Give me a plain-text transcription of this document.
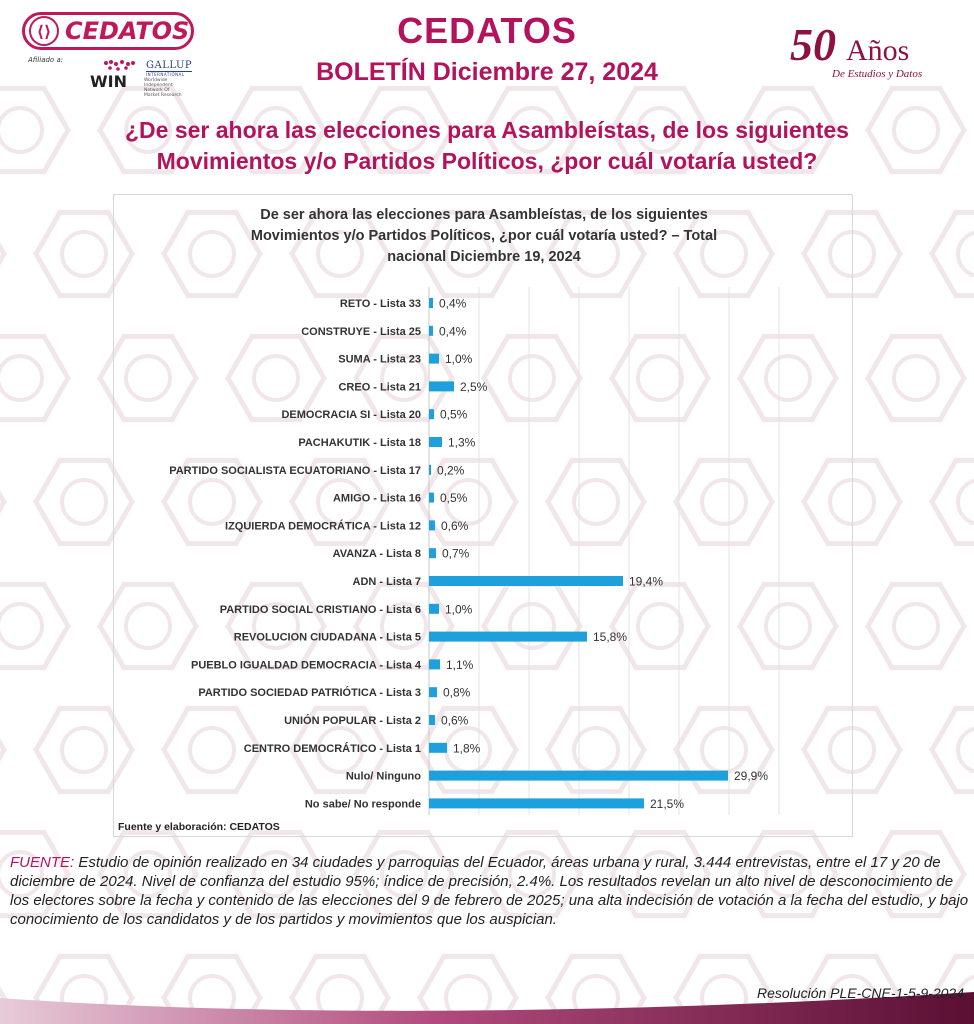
⟨⟩ CEDATOS
Afiliado a:
WIN	Worldwide Independent Network Of Market Research
GALLUP
INTERNATIONAL
CEDATOS
BOLETÍN Diciembre 27, 2024
50 Años
De Estudios y Datos
¿De ser ahora las elecciones para Asambleístas, de los siguientes
Movimientos y/o Partidos Políticos, ¿por cuál votaría usted?
De ser ahora las elecciones para Asambleístas, de los siguientes
Movimientos y/o Partidos Políticos, ¿por cuál votaría usted? – Total
nacional Diciembre 19, 2024
RETO - Lista 33 0,4%
CONSTRUYE - Lista 25 0,4%
SUMA - Lista 23 1,0%
CREO - Lista 21	2,5%
DEMOCRACIA SI - Lista 20 0,5%
PACHAKUTIK - Lista 18 1,3%
PARTIDO SOCIALISTA ECUATORIANO - Lista 17 0,2%
AMIGO - Lista 16 0,5%
IZQUIERDA DEMOCRÁTICA - Lista 12 0,6%
AVANZA - Lista 8 0,7%
ADN - Lista 7	19,4%
PARTIDO SOCIAL CRISTIANO - Lista 6 1,0%
REVOLUCION CIUDADANA - Lista 5	15,8%
PUEBLO IGUALDAD DEMOCRACIA - Lista 4 1,1%
PARTIDO SOCIEDAD PATRIÓTICA - Lista 3 0,8%
UNIÓN POPULAR - Lista 2 0,6%
CENTRO DEMOCRÁTICO - Lista 1	1,8%
Nulo/ Ninguno	29,9%
No sabe/ No responde	21,5%
Fuente y elaboración: CEDATOS
FUENTE: Estudio de opinión realizado en 34 ciudades y parroquias del Ecuador, áreas urbana y rural, 3.444 entrevistas, entre el 17 y 20 de diciembre de 2024. Nivel de confianza del estudio 95%; índice de precisión, 2.4%. Los resultados revelan un alto nivel de desconocimiento de los electores sobre la fecha y contenido de las elecciones del 9 de febrero de 2025; una alta indecisión de votación a la fecha del estudio, y bajo conocimiento de los candidatos y de los partidos y movimientos que los auspician.
Resolución PLE-CNE-1-5-9-2024
